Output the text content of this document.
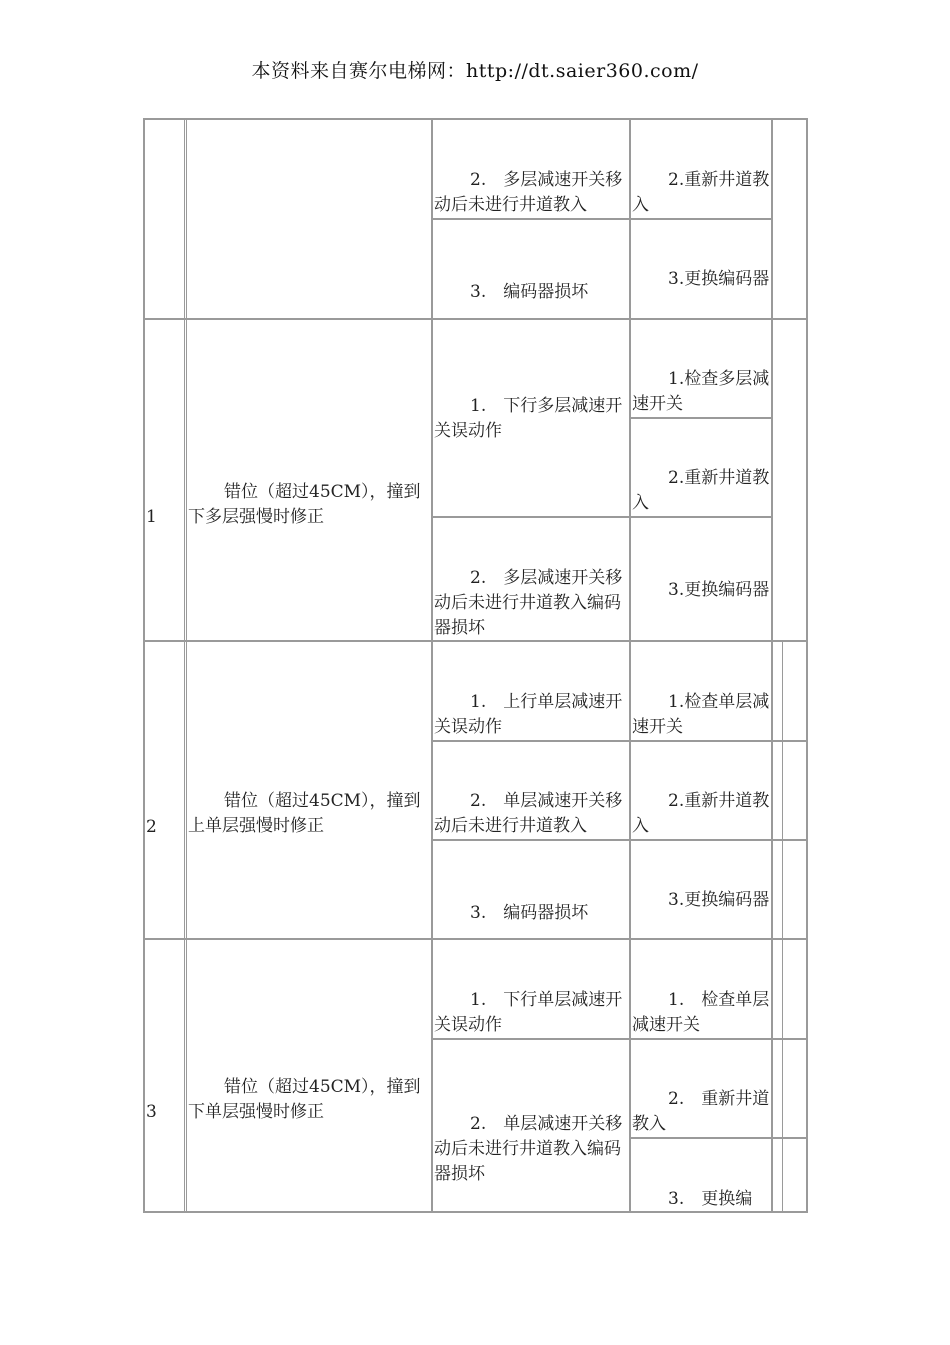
本资料来自赛尔电梯网：http://dt.saier360.com/
2.　多层减速开关移动后未进行井道教入
3.　编码器损坏
2.重新井道教入
3.更换编码器
1
错位（超过45CM），撞到下多层强慢时修正
1.　下行多层减速开关误动作
2.　多层减速开关移动后未进行井道教入编码器损坏
1.检查多层减速开关
2.重新井道教入
3.更换编码器
2
错位（超过45CM），撞到上单层强慢时修正
1.　上行单层减速开关误动作
2.　单层减速开关移动后未进行井道教入
3.　编码器损坏
1.检查单层减速开关
2.重新井道教入
3.更换编码器
3
错位（超过45CM），撞到下单层强慢时修正
1.　下行单层减速开关误动作
2.　单层减速开关移动后未进行井道教入编码器损坏
1.　检查单层减速开关
2.　重新井道教入
3.　更换编
